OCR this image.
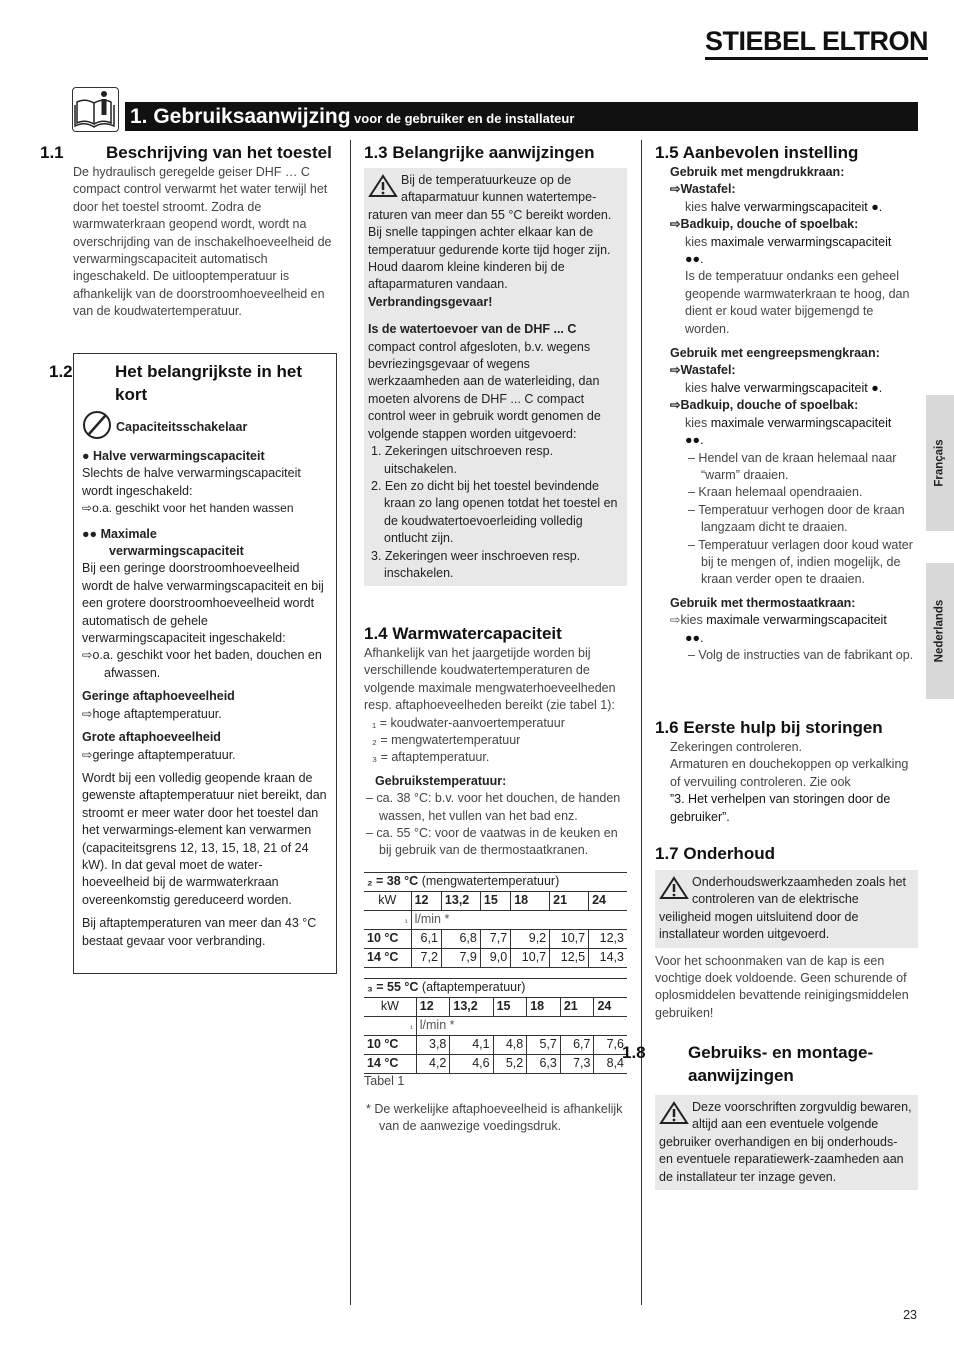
STIEBEL ELTRON
1. Gebruiksaanwijzing voor de gebruiker en de installateur
1.1 Beschrijving van het toestel

De hydraulisch geregelde geiser DHF … C compact control verwarmt het water terwijl het door het toestel stroomt. Zodra de warmwaterkraan geopend wordt, wordt na overschrijding van de inschakelhoeveelheid de verwarmingscapaciteit automatisch ingeschakeld. De uitlooptemperatuur is afhankelijk van de doorstroomhoeveelheid en van de koudwatertemperatuur.

1.2 Het belangrijkste in het kort
Capaciteitsschakelaar

● Halve verwarmingscapaciteit

Slechts de halve verwarmingscapaciteit wordt ingeschakeld:

⇨ o.a. geschikt voor het handen wassen

●● Maximale

verwarmingscapaciteit

Bij een geringe doorstroomhoeveelheid wordt de halve verwarmingscapaciteit en bij een grotere doorstroomhoeveelheid wordt automatisch de gehele verwarmingscapaciteit ingeschakeld:

⇨ o.a. geschikt voor het baden, douchen en afwassen.

Geringe aftaphoeveelheid

⇨ hoge aftaptemperatuur.

Grote aftaphoeveelheid

⇨ geringe aftaptemperatuur.

Wordt bij een volledig geopende kraan de gewenste aftaptemperatuur niet bereikt, dan stroomt er meer water door het toestel dan het verwarmings-element kan verwarmen (capaciteitsgrens 12, 13, 15, 18, 21 of 24 kW). In dat geval moet de water-hoeveelheid bij de warmwaterkraan overeenkomstig gereduceerd worden.

Bij aftaptemperaturen van meer dan 43 °C bestaat gevaar voor verbranding.

1.3 Belangrijke aanwijzingen

Bij de temperatuurkeuze op de aftaparmatuur kunnen watertempe-raturen van meer dan 55 °C bereikt worden. Bij snelle tappingen achter elkaar kan de temperatuur gedurende korte tijd hoger zijn.

Houd daarom kleine kinderen bij de aftaparmaturen vandaan.

Verbrandingsgevaar!

Is de watertoevoer van de DHF ... C

compact control afgesloten, b.v. wegens bevriezingsgevaar of wegens werkzaamheden aan de waterleiding, dan moeten alvorens de DHF ... C compact control weer in gebruik wordt genomen de volgende stappen worden uitgevoerd:

1. Zekeringen uitschroeven resp. uitschakelen.

2. Een zo dicht bij het toestel bevindende kraan zo lang openen totdat het toestel en de koudwatertoevoerleiding volledig ontlucht zijn.

3. Zekeringen weer inschroeven resp. inschakelen.

1.4 Warmwatercapaciteit

Afhankelijk van het jaargetijde worden bij verschillende koudwatertemperaturen de volgende maximale mengwaterhoeveelheden resp. aftaphoeveelheden bereikt (zie tabel 1):

₁ = koudwater-aanvoertemperatuur

₂ = mengwatertemperatuur

₃ = aftaptemperatuur.

Gebruikstemperatuur:

– ca. 38 °C: b.v. voor het douchen, de handen wassen, het vullen van het bad enz.

– ca. 55 °C: voor de vaatwas in de keuken en bij gebruik van de thermostaatkranen.

₂ = 38 °C (mengwatertemperatuur)						
kW	12	13,2	15	18	21	24
₁	l/min *					
10 °C	6,1	6,8	7,7	9,2	10,7	12,3
14 °C	7,2	7,9	9,0	10,7	12,5	14,3
₃ = 55 °C (aftaptemperatuur)						
kW	12	13,2	15	18	21	24
₁	l/min *					
10 °C	3,8	4,1	4,8	5,7	6,7	7,6
14 °C	4,2	4,6	5,2	6,3	7,3	8,4

Tabel 1

* De werkelijke aftaphoeveelheid is afhankelijk van de aanwezige voedingsdruk.

1.5 Aanbevolen instelling

Gebruik met mengdrukkraan:

⇨ Wastafel:

kies halve verwarmingscapaciteit ●.

⇨ Badkuip, douche of spoelbak:

kies maximale verwarmingscapaciteit
●●.

Is de temperatuur ondanks een geheel geopende warmwaterkraan te hoog, dan dient er koud water bijgemengd te worden.

Gebruik met eengreepsmengkraan:

⇨ Wastafel:

kies halve verwarmingscapaciteit ●.

⇨ Badkuip, douche of spoelbak:

kies maximale verwarmingscapaciteit
●●.

– Hendel van de kraan helemaal naar “warm” draaien.

– Kraan helemaal opendraaien.

– Temperatuur verhogen door de kraan langzaam dicht te draaien.

– Temperatuur verlagen door koud water bij te mengen of, indien mogelijk, de kraan verder open te draaien.

Gebruik met thermostaatkraan:

⇨ kies maximale verwarmingscapaciteit

●●.

– Volg de instructies van de fabrikant op.

1.6 Eerste hulp bij storingen

Zekeringen controleren.

Armaturen en douchekoppen op verkalking of vervuiling controleren. Zie ook

”3. Het verhelpen van storingen door de gebruiker”.

1.7 Onderhoud

Onderhoudswerkzaamheden zoals het controleren van de elektrische veiligheid mogen uitsluitend door de installateur worden uitgevoerd.

Voor het schoonmaken van de kap is een vochtige doek voldoende. Geen schurende of oplosmiddelen bevattende reinigingsmiddelen gebruiken!

1.8 Gebruiks- en montage-aanwijzingen

Deze voorschriften zorgvuldig bewaren, altijd aan een eventuele volgende gebruiker overhandigen en bij onderhouds- en eventuele reparatiewerk-zaamheden aan de installateur ter inzage geven.

Français
Nederlands
23
